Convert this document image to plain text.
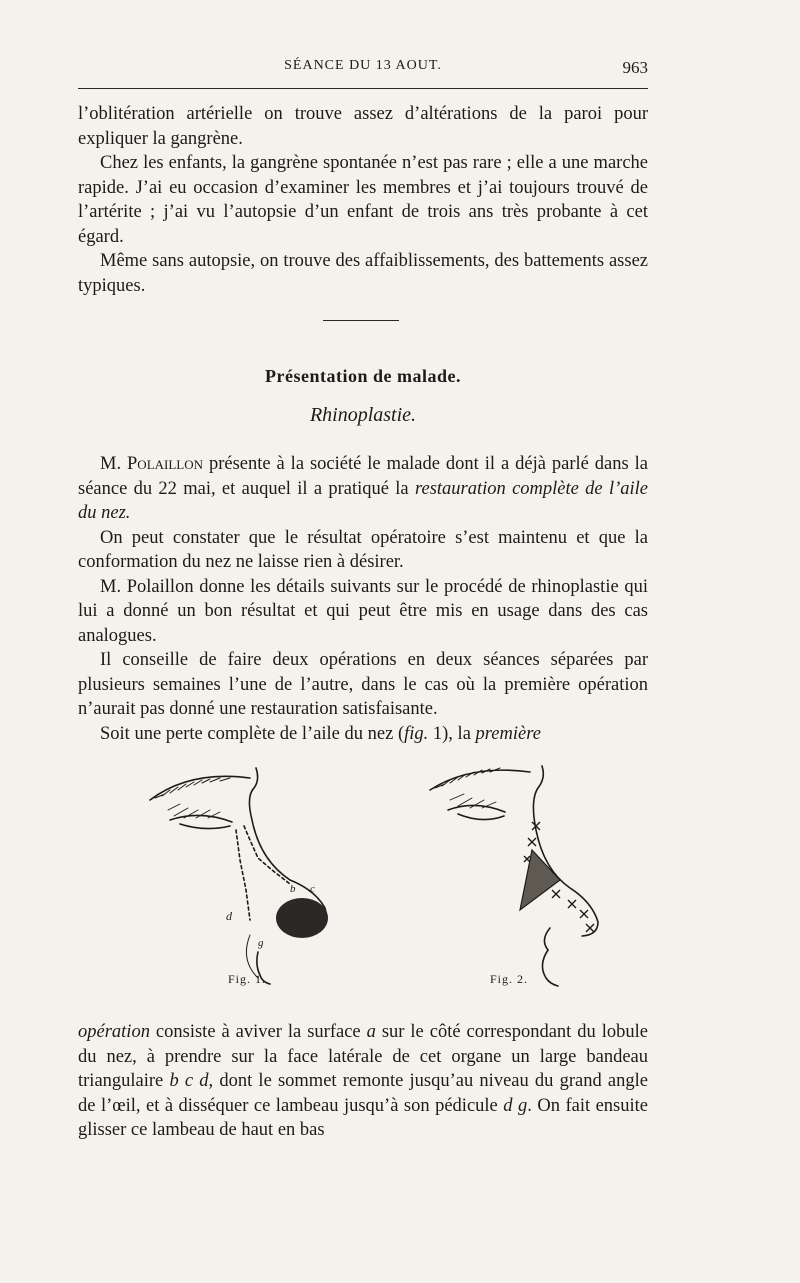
SÉANCE DU 13 AOUT.	963

l’oblitération artérielle on trouve assez d’altérations de la paroi pour expliquer la gangrène.

Chez les enfants, la gangrène spontanée n’est pas rare ; elle a une marche rapide. J’ai eu occasion d’examiner les membres et j’ai toujours trouvé de l’artérite ; j’ai vu l’autopsie d’un enfant de trois ans très probante à cet égard.

Même sans autopsie, on trouve des affaiblissements, des battements assez typiques.

Présentation de malade.
Rhinoplastie.

M. Polaillon présente à la société le malade dont il a déjà parlé dans la séance du 22 mai, et auquel il a pratiqué la restauration complète de l’aile du nez.

On peut constater que le résultat opératoire s’est maintenu et que la conformation du nez ne laisse rien à désirer.

M. Polaillon donne les détails suivants sur le procédé de rhinoplastie qui lui a donné un bon résultat et qui peut être mis en usage dans des cas analogues.

Il conseille de faire deux opérations en deux séances séparées par plusieurs semaines l’une de l’autre, dans le cas où la première opération n’aurait pas donné une restauration satisfaisante.

Soit une perte complète de l’aile du nez (fig. 1), la première

b c
d
g
Fig. 1.	Fig. 2.

opération consiste à aviver la surface a sur le côté correspondant du lobule du nez, à prendre sur la face latérale de cet organe un large bandeau triangulaire b c d, dont le sommet remonte jusqu’au niveau du grand angle de l’œil, et à disséquer ce lambeau jusqu’à son pédicule d g. On fait ensuite glisser ce lambeau de haut en bas
